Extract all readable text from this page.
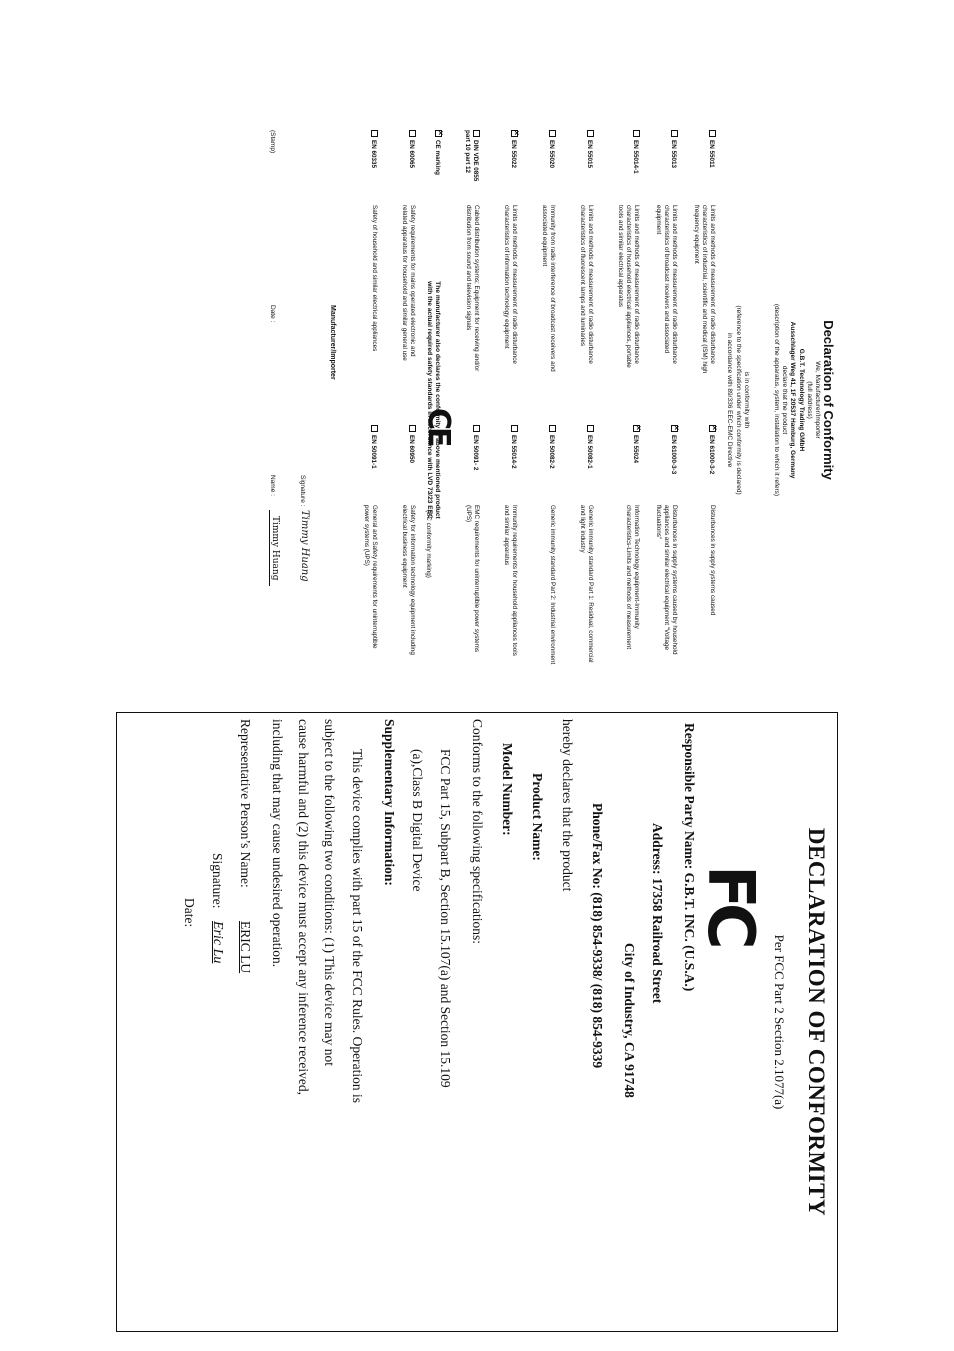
Declaration of Conformity
We, Manufacturer/Importer
(full address)
G.B.T. Technology Trading GMbH
Ausschlager Weg 41, 1F 20537 Hamburg, Germany
declare that the product
(description of the apparatus, system, installation to which it refers)
is in conformity with
(reference to the specification under which conformity is declared)
in accordance with 89/336 EEC-EMC Directive
EN 55011
Limits and methods of measurement of radio disturbance characteristics of industrial, scientific and medical (ISM) high frequency equipment
×EN 61000-3-2
Disturbances in supply systems caused
EN 55013
Limits and methods of measurement of radio disturbance characteristics of broadcast receivers and associated equipment
×EN 61000-3-3
Disturbances in supply systems caused by household appliances and similar electrical equipment "Voltage fluctuations"
EN 55014-1
Limits and methods of measurement of radio disturbance characteristics of household electrical appliances, portable tools and similar electrical apparatus
×EN 55024
Information Technology equipment-Immunity characteristics-Limits and methods of measurement
EN 55015
Limits and methods of measurement of radio disturbance characteristics of fluorescent lamps and luminaries
EN 50082-1
Generic immunity standard Part 1: Residual, commercial and light industry
EN 55020
Immunity from radio interference of broadcast receivers and associated equipment
EN 50082-2
Generic immunity standard Part 2: Industrial environment
×EN 55022
Limits and methods of measurement of radio disturbance characteristics of information technology equipment
EN 55014-2
Immunity requirements for household appliances tools and similar apparatus
DIN VDE 0855 part 10 part 12
Cabled distribution systems; Equipment for receiving and/or distribution from sound and television signals
EN 50091- 2
EMC requirements for uninterruptible power systems (UPS)
×CE marking
CE
(EC conformity marking)
The manufacturer also declares the conformity of above mentioned product
with the actual required safety standards in accordance with LVD 73/23 EEC
EN 60065
Safety requirements for mains operated electronic and related apparatus for household and similar general use
EN 60950
Safety for information technology equipment including electrical business equipment
EN 60335
Safety of household and similar electrical appliances
EN 50091-1
General and Safety requirements for uninterruptible power systems (UPS)
Manufacturer/Importer
Signature :
Timmy Huang
Name :
Timmy Huang
(Stamp)
Date :
DECLARATION OF CONFORMITY
Per FCC Part 2 Section 2.1077(a)
FC
Responsible Party Name: G.B.T. INC. (U.S.A.)
Address: 17358 Railroad Street
City of Industry, CA 91748
Phone/Fax No: (818) 854-9338/ (818) 854-9339
hereby declares that the product
Product Name:
Model Number:
Conforms to the following specifications:
FCC Part 15, Subpart B, Section 15.107(a) and Section 15.109
(a),Class B Digital Device
Supplementary Information:
This device complies with part 15 of the FCC Rules. Operation is
subject to the following two conditions: (1) This device may not
cause harmful and (2) this device must accept any inference received,
including that may cause undesired operation.
Representative Person’s Name:
ERIC LU
Signature:
Eric Lu
Date:
